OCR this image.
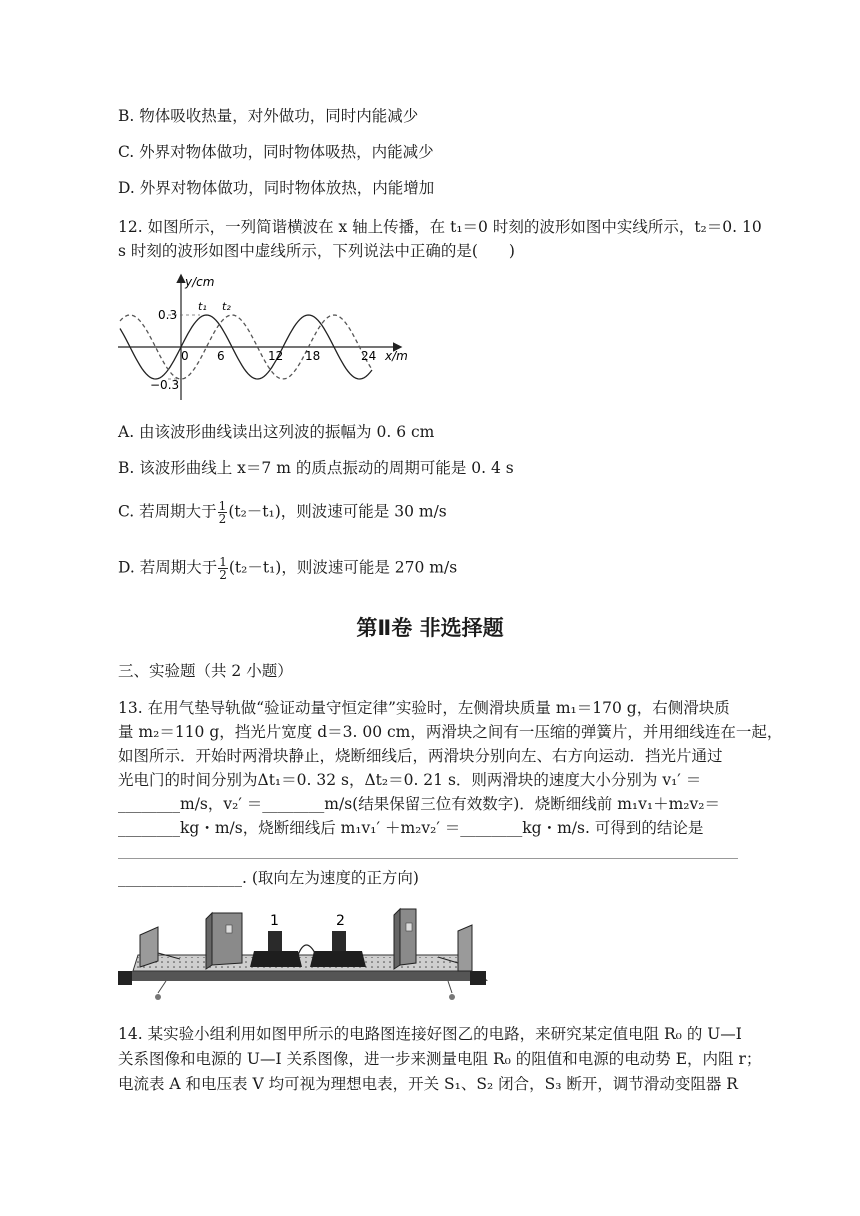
B. 物体吸收热量，对外做功，同时内能减少
C. 外界对物体做功，同时物体吸热，内能减少
D. 外界对物体做功，同时物体放热，内能增加
12. 如图所示，一列简谐横波在 x 轴上传播，在 t₁＝0 时刻的波形如图中实线所示，t₂＝0. 10
s 时刻的波形如图中虚线所示，下列说法中正确的是(　　)
y/cm
x/m
t₁ t₂
0.3
−0.3
0 6	12 18	24
A. 由该波形曲线读出这列波的振幅为 0. 6 cm
B. 该波形曲线上 x＝7 m 的质点振动的周期可能是 0. 4 s
C. 若周期大于 $\frac{1}{2} (t_2-t_1)$，则波速可能是 30 m/s
D. 若周期大于 $\frac{1}{2} (t_2-t_1)$，则波速可能是 270 m/s
第Ⅱ卷 非选择题
三、实验题（共 2 小题）
13. 在用气垫导轨做“验证动量守恒定律”实验时，左侧滑块质量 m₁＝170 g，右侧滑块质
量 m₂＝110 g，挡光片宽度 d＝3. 00 cm，两滑块之间有一压缩的弹簧片，并用细线连在一起，
如图所示．开始时两滑块静止，烧断细线后，两滑块分别向左、右方向运动．挡光片通过
光电门的时间分别为Δt₁＝0. 32 s，Δt₂＝0. 21 s．则两滑块的速度大小分别为 v₁′ ＝
________m/s，v₂′ ＝________m/s(结果保留三位有效数字)．烧断细线前 m₁v₁＋m₂v₂＝
________kg・m/s，烧断细线后 m₁v₁′ ＋m₂v₂′ ＝________kg・m/s. 可得到的结论是
________________. (取向左为速度的正方向)
1	2
14. 某实验小组利用如图甲所示的电路图连接好图乙的电路，来研究某定值电阻 R₀ 的 U—I
关系图像和电源的 U—I 关系图像，进一步来测量电阻 R₀ 的阻值和电源的电动势 E，内阻 r；
电流表 A 和电压表 V 均可视为理想电表，开关 S₁、S₂ 闭合，S₃ 断开，调节滑动变阻器 R
